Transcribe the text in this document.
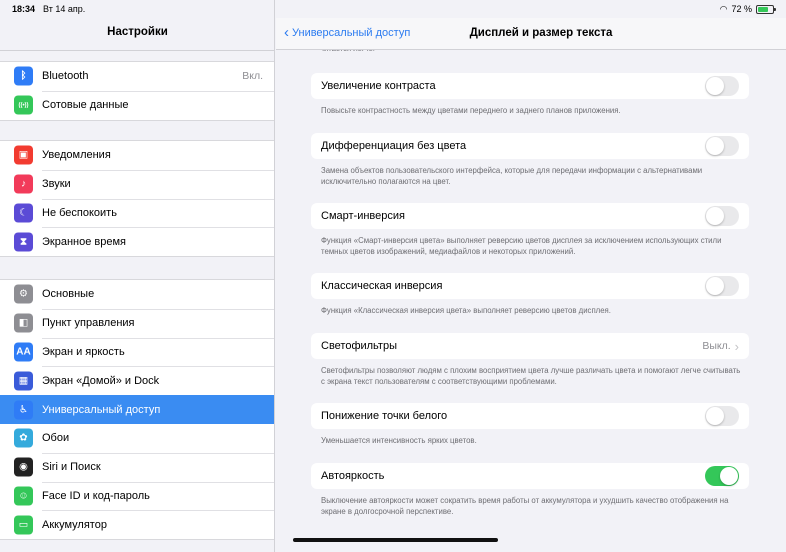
Настройки
ᛒ	Bluetooth	Вкл.
((•))	Сотовые данные
▣	Уведомления
♪	Звуки
☾	Не беспокоить
⧗	Экранное время
⚙	Основные
◧	Пункт управления
AA Экран и яркость
▦	Экран «Домой» и Dock
♿	Универсальный доступ
✿	Обои
◉	Siri и Поиск
☺	Face ID и код-пароль
▭	Аккумулятор
Увеличение контраста
Повысьте контрастность между цветами переднего и заднего планов приложения.
Дифференциация без цвета
Замена объектов пользовательского интерфейса, которые для передачи информации с альтернативами исключительно полагаются на цвет.
Смарт-инверсия
Функция «Смарт-инверсия цвета» выполняет реверсию цветов дисплея за исключением использующих стили темных цветов изображений, медиафайлов и некоторых приложений.
Классическая инверсия
Функция «Классическая инверсия цвета» выполняет реверсию цветов дисплея.
Светофильтры	Выкл. ›
Светофильтры позволяют людям с плохим восприятием цвета лучше различать цвета и помогают легче считывать с экрана текст пользователям с соответствующими проблемами.
Понижение точки белого
Уменьшается интенсивность ярких цветов.
Автояркость
Выключение автояркости может сократить время работы от аккумулятора и ухудшить качество отображения на экране в долгосрочной перспективе.
‹ Универсальный доступ	Дисплей и размер текста
18:34 Вт 14 апр.	◠ 72 %
